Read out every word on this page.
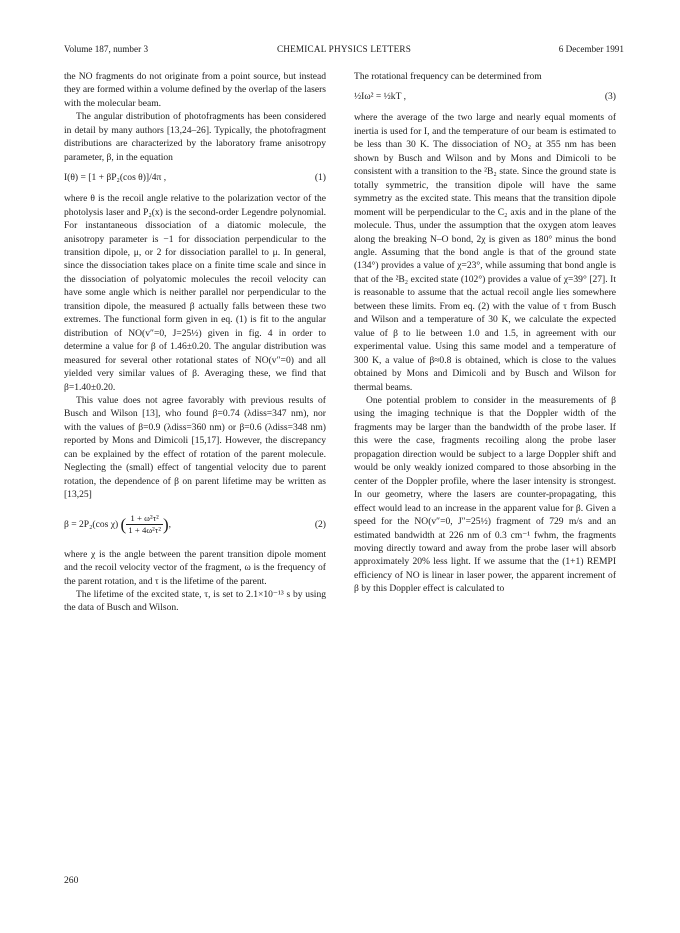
Volume 187, number 3	CHEMICAL PHYSICS LETTERS	6 December 1991

the NO fragments do not originate from a point source, but instead they are formed within a volume defined by the overlap of the lasers with the molecular beam.

The angular distribution of photofragments has been considered in detail by many authors [13,24–26]. Typically, the photofragment distributions are characterized by the laboratory frame anisotropy parameter, β, in the equation

I(θ) = [1 + βP₂(cos θ)]/4π ,	(1)

where θ is the recoil angle relative to the polarization vector of the photolysis laser and P₂(x) is the second-order Legendre polynomial. For instantaneous dissociation of a diatomic molecule, the anisotropy parameter is −1 for dissociation perpendicular to the transition dipole, μ, or 2 for dissociation parallel to μ. In general, since the dissociation takes place on a finite time scale and since in the dissociation of polyatomic molecules the recoil velocity can have some angle which is neither parallel nor perpendicular to the transition dipole, the measured β actually falls between these two extremes. The functional form given in eq. (1) is fit to the angular distribution of NO(v″=0, J=25½) given in fig. 4 in order to determine a value for β of 1.46±0.20. The angular distribution was measured for several other rotational states of NO(v″=0) and all yielded very similar values of β. Averaging these, we find that β=1.40±0.20.

This value does not agree favorably with previous results of Busch and Wilson [13], who found β=0.74 (λdiss=347 nm), nor with the values of β=0.9 (λdiss=360 nm) or β=0.6 (λdiss=348 nm) reported by Mons and Dimicoli [15,17]. However, the discrepancy can be explained by the effect of rotation of the parent molecule. Neglecting the (small) effect of tangential velocity due to parent rotation, the dependence of β on parent lifetime may be written as [13,25]

β = 2P₂(cos χ) ( $\frac{\text{1 + ω²τ²}}{\text{1 + 4ω²τ²}}$ ),	(2)

where χ is the angle between the parent transition dipole moment and the recoil velocity vector of the fragment, ω is the frequency of the parent rotation, and τ is the lifetime of the parent.

The lifetime of the excited state, τ, is set to 2.1×10⁻¹³ s by using the data of Busch and Wilson.

The rotational frequency can be determined from

½Iω² = ½kT ,	(3)

where the average of the two large and nearly equal moments of inertia is used for I, and the temperature of our beam is estimated to be less than 30 K. The dissociation of NO₂ at 355 nm has been shown by Busch and Wilson and by Mons and Dimicoli to be consistent with a transition to the ²B₂ state. Since the ground state is totally symmetric, the transition dipole will have the same symmetry as the excited state. This means that the transition dipole moment will be perpendicular to the C₂ axis and in the plane of the molecule. Thus, under the assumption that the oxygen atom leaves along the breaking N–O bond, 2χ is given as 180° minus the bond angle. Assuming that the bond angle is that of the ground state (134°) provides a value of χ=23°, while assuming that bond angle is that of the ²B₂ excited state (102°) provides a value of χ=39° [27]. It is reasonable to assume that the actual recoil angle lies somewhere between these limits. From eq. (2) with the value of τ from Busch and Wilson and a temperature of 30 K, we calculate the expected value of β to lie between 1.0 and 1.5, in agreement with our experimental value. Using this same model and a temperature of 300 K, a value of β≈0.8 is obtained, which is close to the values obtained by Mons and Dimicoli and by Busch and Wilson for thermal beams.

One potential problem to consider in the measurements of β using the imaging technique is that the Doppler width of the fragments may be larger than the bandwidth of the probe laser. If this were the case, fragments recoiling along the probe laser propagation direction would be subject to a large Doppler shift and would be only weakly ionized compared to those absorbing in the center of the Doppler profile, where the laser intensity is strongest. In our geometry, where the lasers are counter-propagating, this effect would lead to an increase in the apparent value for β. Given a speed for the NO(v″=0, J″=25½) fragment of 729 m/s and an estimated bandwidth at 226 nm of 0.3 cm⁻¹ fwhm, the fragments moving directly toward and away from the probe laser will absorb approximately 20% less light. If we assume that the (1+1) REMPI efficiency of NO is linear in laser power, the apparent increment of β by this Doppler effect is calculated to

260
